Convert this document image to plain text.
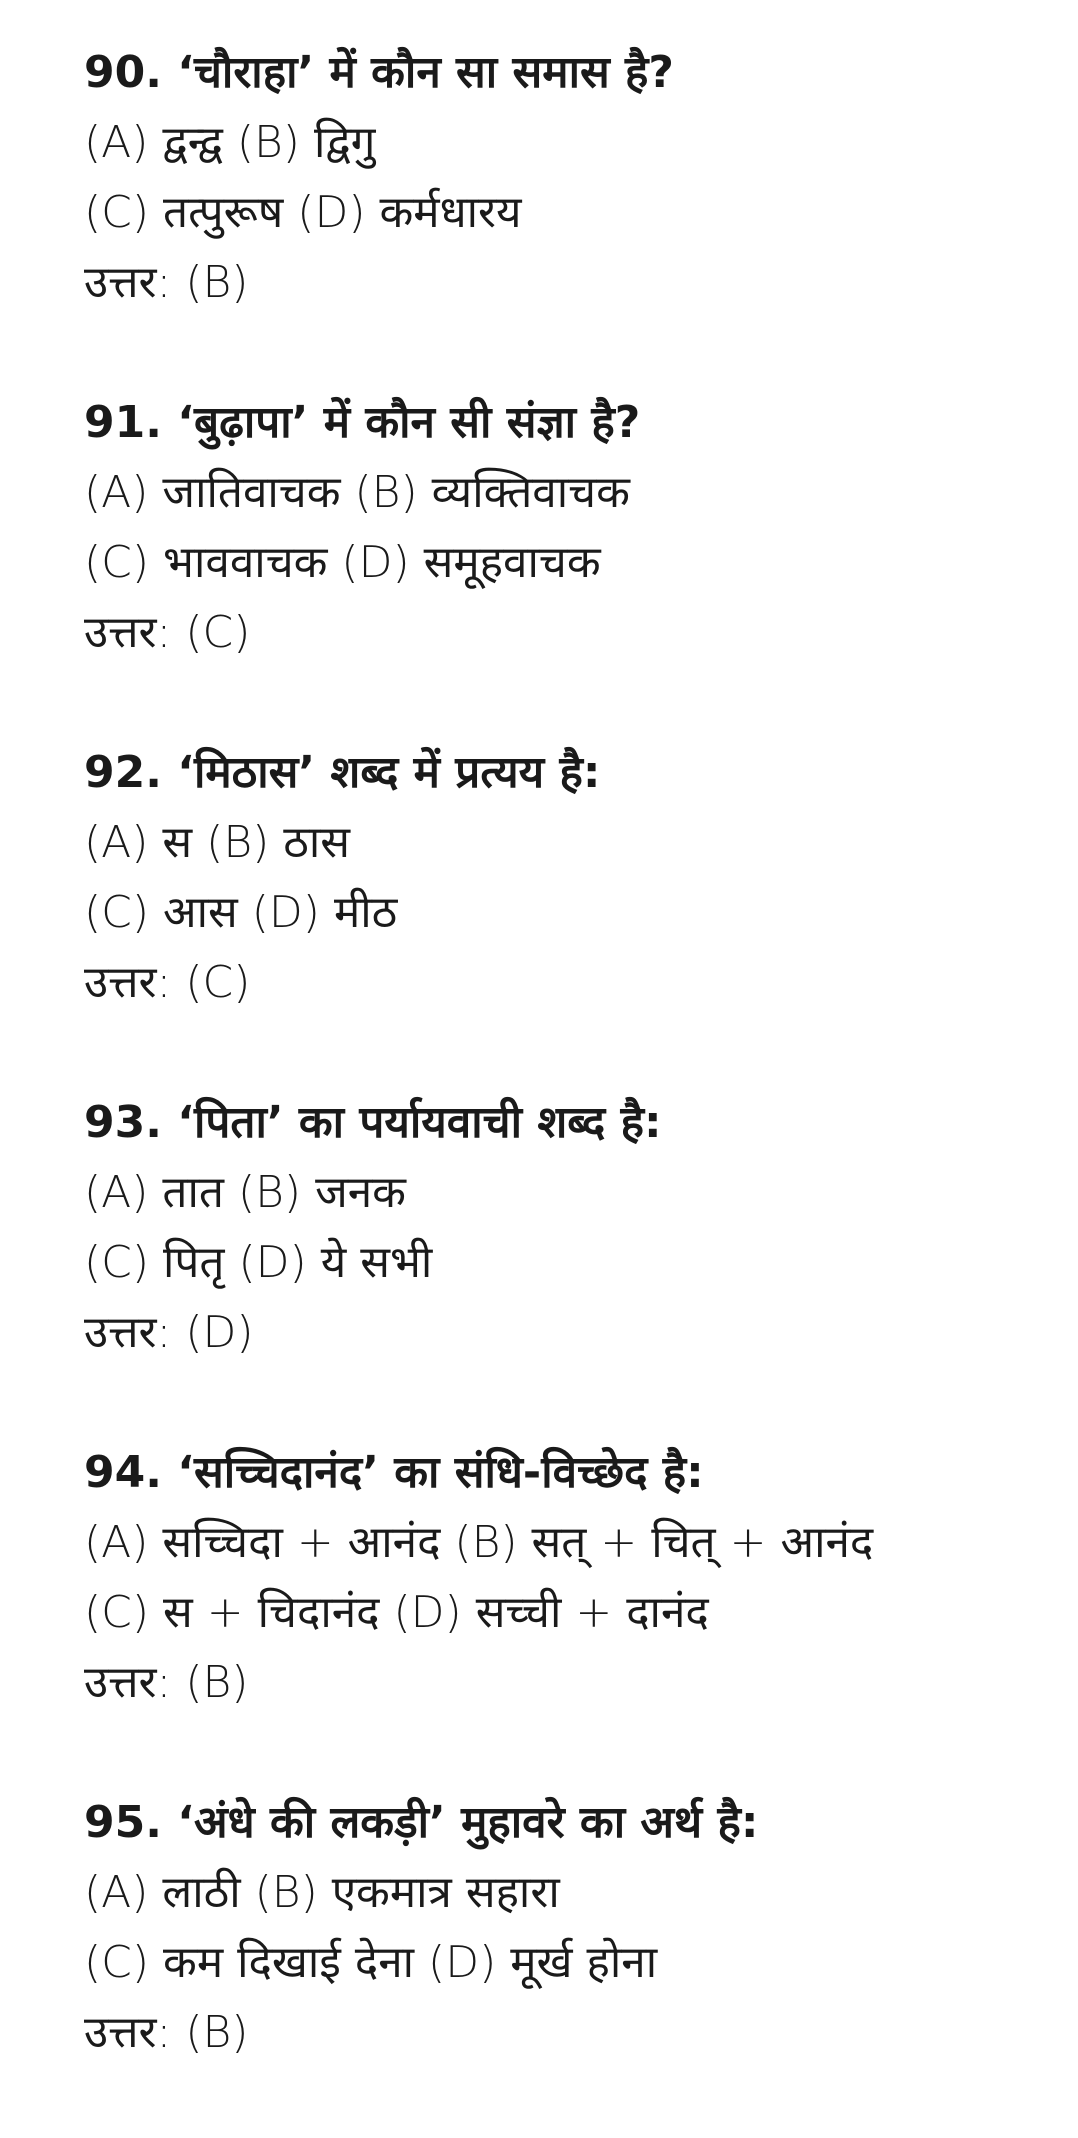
90. ‘चौराहा’ में कौन सा समास है?
(A) द्वन्द्व (B) द्विगु
(C) तत्पुरूष (D) कर्मधारय
उत्तर: (B)
91. ‘बुढ़ापा’ में कौन सी संज्ञा है?
(A) जातिवाचक (B) व्यक्तिवाचक
(C) भाववाचक (D) समूहवाचक
उत्तर: (C)
92. ‘मिठास’ शब्द में प्रत्यय है:
(A) स (B) ठास
(C) आस (D) मीठ
उत्तर: (C)
93. ‘पिता’ का पर्यायवाची शब्द है:
(A) तात (B) जनक
(C) पितृ (D) ये सभी
उत्तर: (D)
94. ‘सच्चिदानंद’ का संधि-विच्छेद है:
(A) सच्चिदा + आनंद (B) सत् + चित् + आनंद
(C) स + चिदानंद (D) सच्ची + दानंद
उत्तर: (B)
95. ‘अंधे की लकड़ी’ मुहावरे का अर्थ है:
(A) लाठी (B) एकमात्र सहारा
(C) कम दिखाई देना (D) मूर्ख होना
उत्तर: (B)
